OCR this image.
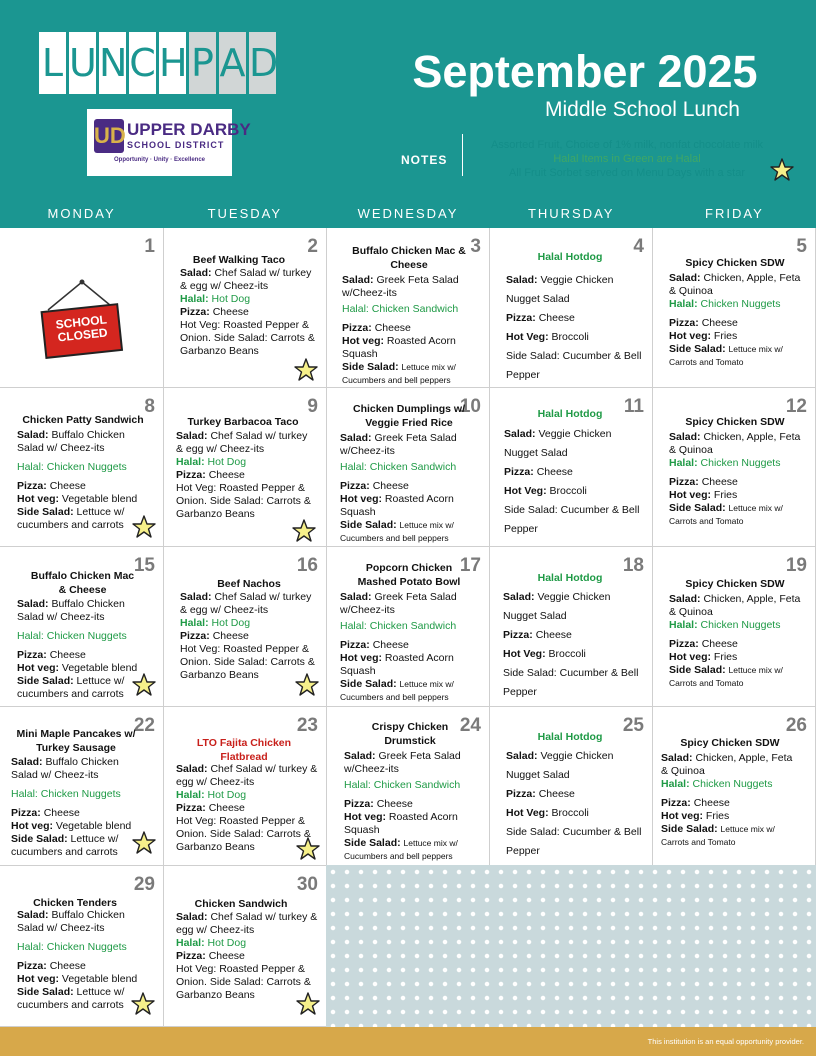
L U N C H P A D
UD UPPER DARBY
SCHOOL DISTRICT
Opportunity · Unity · Excellence
September 2025
Middle School Lunch
NOTES
Assorted Fruit, Choice of 1% milk, nonfat chocolate milk
Halal Items in Green are Halal
All Fruit Sorbet served on Menu Days with a star
MONDAY	TUESDAY	WEDNESDAY	THURSDAY	FRIDAY
1
SCHOOL CLOSED
2
Beef Walking Taco

Salad: Chef Salad w/ turkey & egg w/ Cheez-its

Halal: Hot Dog

Pizza: Cheese

Hot Veg: Roasted Pepper & Onion. Side Salad: Carrots & Garbanzo Beans

3
Buffalo Chicken Mac & Cheese

Salad: Greek Feta Salad w/Cheez-its

Halal: Chicken Sandwich

Pizza: Cheese

Hot veg: Roasted Acorn Squash

Side Salad: Lettuce mix w/ Cucumbers and bell peppers

4
Halal Hotdog

Salad: Veggie Chicken Nugget Salad

Pizza: Cheese

Hot Veg: Broccoli

Side Salad: Cucumber & Bell Pepper

5
Spicy Chicken SDW

Salad: Chicken, Apple, Feta & Quinoa

Halal: Chicken Nuggets

Pizza: Cheese

Hot veg: Fries

Side Salad: Lettuce mix w/ Carrots and Tomato

8
Chicken Patty Sandwich

Salad: Buffalo Chicken Salad w/ Cheez-its

Halal: Chicken Nuggets

Pizza: Cheese

Hot veg: Vegetable blend

Side Salad: Lettuce w/ cucumbers and carrots

9
Turkey Barbacoa Taco

Salad: Chef Salad w/ turkey & egg w/ Cheez-its

Halal: Hot Dog

Pizza: Cheese

Hot Veg: Roasted Pepper & Onion. Side Salad: Carrots & Garbanzo Beans

10
Chicken Dumplings w/ Veggie Fried Rice

Salad: Greek Feta Salad w/Cheez-its

Halal: Chicken Sandwich

Pizza: Cheese

Hot veg: Roasted Acorn Squash

Side Salad: Lettuce mix w/ Cucumbers and bell peppers

11
Halal Hotdog

Salad: Veggie Chicken Nugget Salad

Pizza: Cheese

Hot Veg: Broccoli

Side Salad: Cucumber & Bell Pepper

12
Spicy Chicken SDW

Salad: Chicken, Apple, Feta & Quinoa

Halal: Chicken Nuggets

Pizza: Cheese

Hot veg: Fries

Side Salad: Lettuce mix w/ Carrots and Tomato

15
Buffalo Chicken Mac & Cheese

Salad: Buffalo Chicken Salad w/ Cheez-its

Halal: Chicken Nuggets

Pizza: Cheese

Hot veg: Vegetable blend

Side Salad: Lettuce w/ cucumbers and carrots

16
Beef Nachos

Salad: Chef Salad w/ turkey & egg w/ Cheez-its

Halal: Hot Dog

Pizza: Cheese

Hot Veg: Roasted Pepper & Onion. Side Salad: Carrots & Garbanzo Beans

17
Popcorn Chicken Mashed Potato Bowl

Salad: Greek Feta Salad w/Cheez-its

Halal: Chicken Sandwich

Pizza: Cheese

Hot veg: Roasted Acorn Squash

Side Salad: Lettuce mix w/ Cucumbers and bell peppers

18
Halal Hotdog

Salad: Veggie Chicken Nugget Salad

Pizza: Cheese

Hot Veg: Broccoli

Side Salad: Cucumber & Bell Pepper

19
Spicy Chicken SDW

Salad: Chicken, Apple, Feta & Quinoa

Halal: Chicken Nuggets

Pizza: Cheese

Hot veg: Fries

Side Salad: Lettuce mix w/ Carrots and Tomato

22
Mini Maple Pancakes w/ Turkey Sausage

Salad: Buffalo Chicken Salad w/ Cheez-its

Halal: Chicken Nuggets

Pizza: Cheese

Hot veg: Vegetable blend

Side Salad: Lettuce w/ cucumbers and carrots

23
LTO Fajita Chicken Flatbread

Salad: Chef Salad w/ turkey & egg w/ Cheez-its

Halal: Hot Dog

Pizza: Cheese

Hot Veg: Roasted Pepper & Onion. Side Salad: Carrots & Garbanzo Beans

24
Crispy Chicken Drumstick

Salad: Greek Feta Salad w/Cheez-its

Halal: Chicken Sandwich

Pizza: Cheese

Hot veg: Roasted Acorn Squash

Side Salad: Lettuce mix w/ Cucumbers and bell peppers

25
Halal Hotdog

Salad: Veggie Chicken Nugget Salad

Pizza: Cheese

Hot Veg: Broccoli

Side Salad: Cucumber & Bell Pepper

26
Spicy Chicken SDW

Salad: Chicken, Apple, Feta & Quinoa

Halal: Chicken Nuggets

Pizza: Cheese

Hot veg: Fries

Side Salad: Lettuce mix w/ Carrots and Tomato

29
Chicken Tenders

Salad: Buffalo Chicken Salad w/ Cheez-its

Halal: Chicken Nuggets

Pizza: Cheese

Hot veg: Vegetable blend

Side Salad: Lettuce w/ cucumbers and carrots

30
Chicken Sandwich

Salad: Chef Salad w/ turkey & egg w/ Cheez-its

Halal: Hot Dog

Pizza: Cheese

Hot Veg: Roasted Pepper & Onion. Side Salad: Carrots & Garbanzo Beans

This institution is an equal opportunity provider.
